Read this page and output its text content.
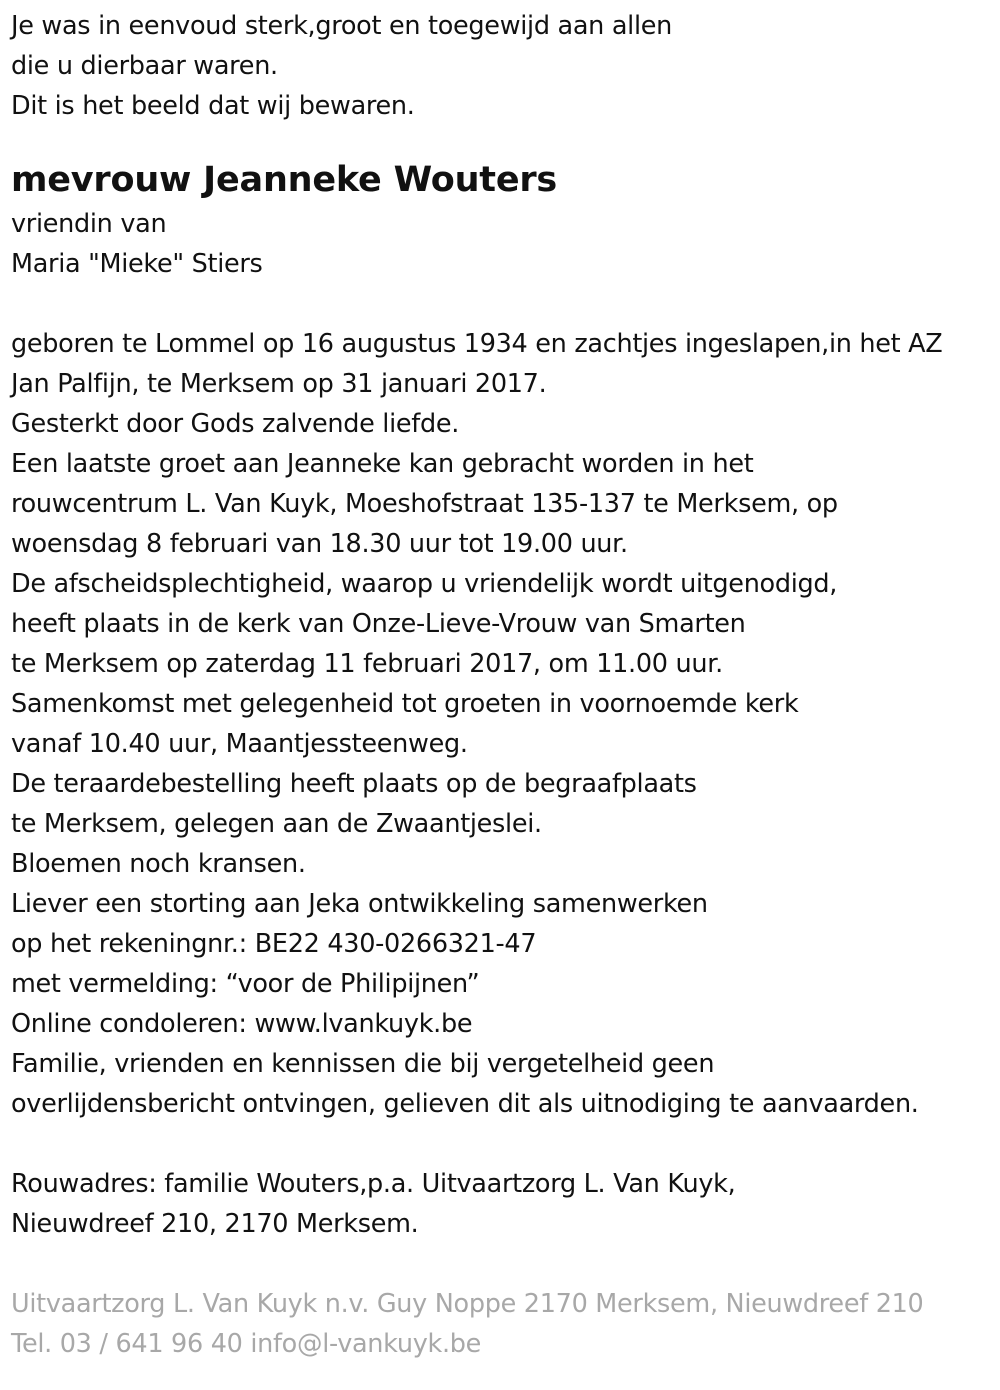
Je was in eenvoud sterk,groot en toegewijd aan allen
die u dierbaar waren.
Dit is het beeld dat wij bewaren.
mevrouw Jeanneke Wouters
vriendin van
Maria "Mieke" Stiers
geboren te Lommel op 16 augustus 1934 en zachtjes ingeslapen,in het AZ
Jan Palfijn, te Merksem op 31 januari 2017.
Gesterkt door Gods zalvende liefde.
Een laatste groet aan Jeanneke kan gebracht worden in het
rouwcentrum L. Van Kuyk, Moeshofstraat 135-137 te Merksem, op
woensdag 8 februari van 18.30 uur tot 19.00 uur.
De afscheidsplechtigheid, waarop u vriendelijk wordt uitgenodigd,
heeft plaats in de kerk van Onze-Lieve-Vrouw van Smarten
te Merksem op zaterdag 11 februari 2017, om 11.00 uur.
Samenkomst met gelegenheid tot groeten in voornoemde kerk
vanaf 10.40 uur, Maantjessteenweg.
De teraardebestelling heeft plaats op de begraafplaats
te Merksem, gelegen aan de Zwaantjeslei.
Bloemen noch kransen.
Liever een storting aan Jeka ontwikkeling samenwerken
op het rekeningnr.: BE22 430-0266321-47
met vermelding: “voor de Philipijnen”
Online condoleren: www.lvankuyk.be
Familie, vrienden en kennissen die bij vergetelheid geen
overlijdensbericht ontvingen, gelieven dit als uitnodiging te aanvaarden.
Rouwadres: familie Wouters,p.a. Uitvaartzorg L. Van Kuyk,
Nieuwdreef 210, 2170 Merksem.
Uitvaartzorg L. Van Kuyk n.v. Guy Noppe 2170 Merksem, Nieuwdreef 210
Tel. 03 / 641 96 40 info@l-vankuyk.be
